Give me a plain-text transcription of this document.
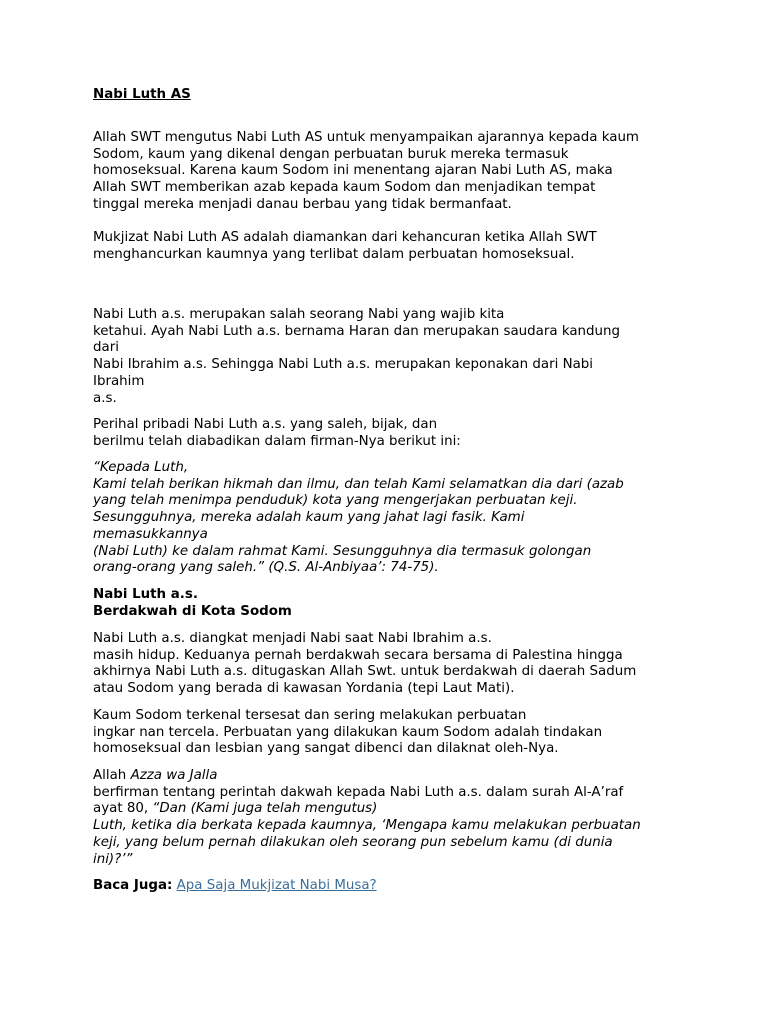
Nabi Luth AS

Allah SWT mengutus Nabi Luth AS untuk menyampaikan ajarannya kepada kaum
Sodom, kaum yang dikenal dengan perbuatan buruk mereka termasuk
homoseksual. Karena kaum Sodom ini menentang ajaran Nabi Luth AS, maka
Allah SWT memberikan azab kepada kaum Sodom dan menjadikan tempat
tinggal mereka menjadi danau berbau yang tidak bermanfaat.

Mukjizat Nabi Luth AS adalah diamankan dari kehancuran ketika Allah SWT
menghancurkan kaumnya yang terlibat dalam perbuatan homoseksual.

Nabi Luth a.s. merupakan salah seorang Nabi yang wajib kita
ketahui. Ayah Nabi Luth a.s. bernama Haran dan merupakan saudara kandung
dari
Nabi Ibrahim a.s. Sehingga Nabi Luth a.s. merupakan keponakan dari Nabi
Ibrahim
a.s.

Perihal pribadi Nabi Luth a.s. yang saleh, bijak, dan
berilmu telah diabadikan dalam firman-Nya berikut ini:

“Kepada Luth,
Kami telah berikan hikmah dan ilmu, dan telah Kami selamatkan dia dari (azab
yang telah menimpa penduduk) kota yang mengerjakan perbuatan keji.
Sesungguhnya, mereka adalah kaum yang jahat lagi fasik. Kami
memasukkannya
(Nabi Luth) ke dalam rahmat Kami. Sesungguhnya dia termasuk golongan
orang-orang yang saleh.” (Q.S. Al-Anbiyaa’: 74-75).

Nabi Luth a.s.
Berdakwah di Kota Sodom

Nabi Luth a.s. diangkat menjadi Nabi saat Nabi Ibrahim a.s.
masih hidup. Keduanya pernah berdakwah secara bersama di Palestina hingga
akhirnya Nabi Luth a.s. ditugaskan Allah Swt. untuk berdakwah di daerah Sadum
atau Sodom yang berada di kawasan Yordania (tepi Laut Mati).

Kaum Sodom terkenal tersesat dan sering melakukan perbuatan
ingkar nan tercela. Perbuatan yang dilakukan kaum Sodom adalah tindakan
homoseksual dan lesbian yang sangat dibenci dan dilaknat oleh-Nya.

Allah Azza wa Jalla
berfirman tentang perintah dakwah kepada Nabi Luth a.s. dalam surah Al-A’raf
ayat 80, “Dan (Kami juga telah mengutus)
Luth, ketika dia berkata kepada kaumnya, ‘Mengapa kamu melakukan perbuatan
keji, yang belum pernah dilakukan oleh seorang pun sebelum kamu (di dunia
ini)?’”

Baca Juga: Apa Saja Mukjizat Nabi Musa?
